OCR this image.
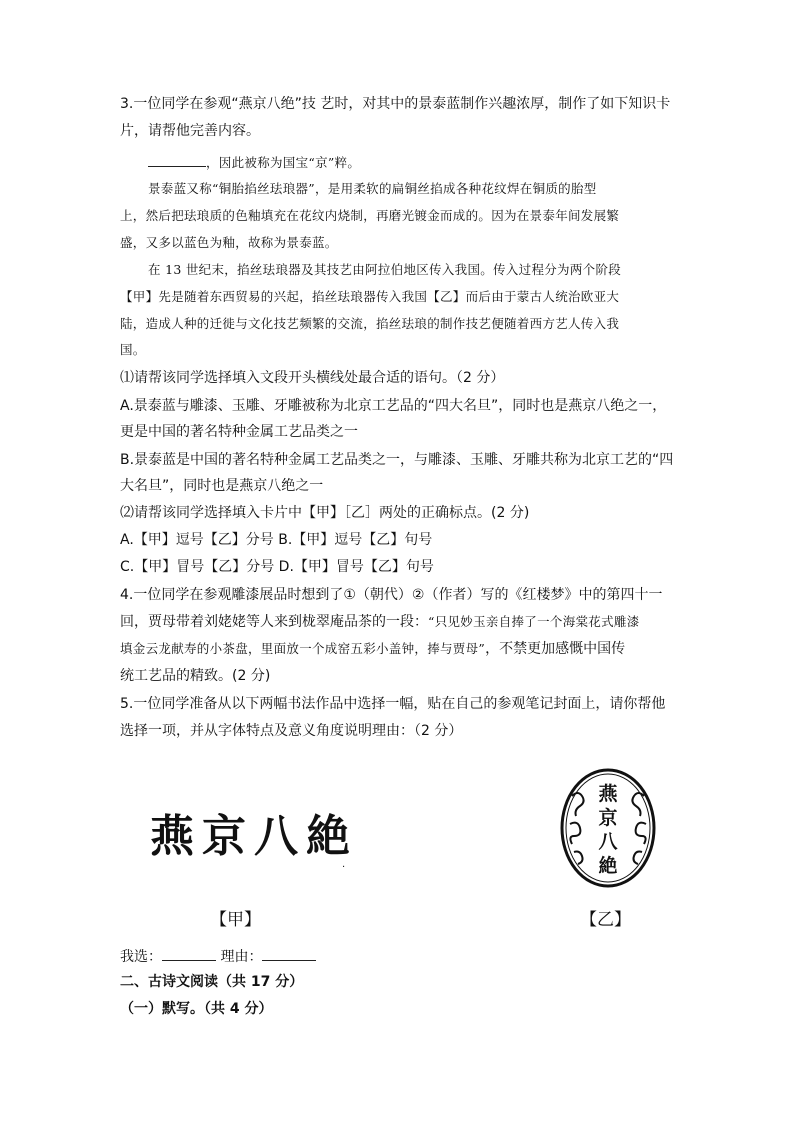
3.一位同学在参观“燕京八绝”技 艺时，对其中的景泰蓝制作兴趣浓厚，制作了如下知识卡
片，请帮他完善内容。
，因此被称为国宝“京”粹。
景泰蓝又称“铜胎掐丝珐琅器”，是用柔软的扁铜丝掐成各种花纹焊在铜质的胎型
上，然后把珐琅质的色釉填充在花纹内烧制，再磨光镀金而成的。因为在景泰年间发展繁
盛，又多以蓝色为釉，故称为景泰蓝。
在 13 世纪末，掐丝珐琅器及其技艺由阿拉伯地区传入我国。传入过程分为两个阶段
【甲】先是随着东西贸易的兴起，掐丝珐琅器传入我国【乙】而后由于蒙古人统治欧亚大
陆，造成人种的迁徙与文化技艺频繁的交流，掐丝珐琅的制作技艺便随着西方艺人传入我
国。
⑴请帮该同学选择填入文段开头横线处最合适的语句。（2 分）
A.景泰蓝与雕漆、玉雕、牙雕被称为北京工艺品的“四大名旦”，同时也是燕京八绝之一，
更是中国的著名特种金属工艺品类之一
B.景泰蓝是中国的著名特种金属工艺品类之一，与雕漆、玉雕、牙雕共称为北京工艺的“四
大名旦”，同时也是燕京八绝之一
⑵请帮该同学选择填入卡片中【甲】［乙］两处的正确标点。(2 分)
A.【甲】逗号【乙】分号 B.【甲】逗号【乙】句号
C.【甲】冒号【乙】分号 D.【甲】冒号【乙】句号
4.一位同学在参观雕漆展品时想到了①（朝代）②（作者）写的《红楼梦》中的第四十一
回，贾母带着刘姥姥等人来到栊翠庵品茶的一段：“只见妙玉亲自捧了一个海棠花式雕漆
填金云龙献寿的小茶盘，里面放一个成窑五彩小盖钟，捧与贾母”，不禁更加感慨中国传
统工艺品的精致。(2 分)
5.一位同学准备从以下两幅书法作品中选择一幅，贴在自己的参观笔记封面上，请你帮他
选择一项，并从字体特点及意义角度说明理由：（2 分）
燕京八絶
·
燕
京
八
絶
【甲】	【乙】
我选：	理由：
二、古诗文阅读（共 17 分）
（一）默写。（共 4 分）
